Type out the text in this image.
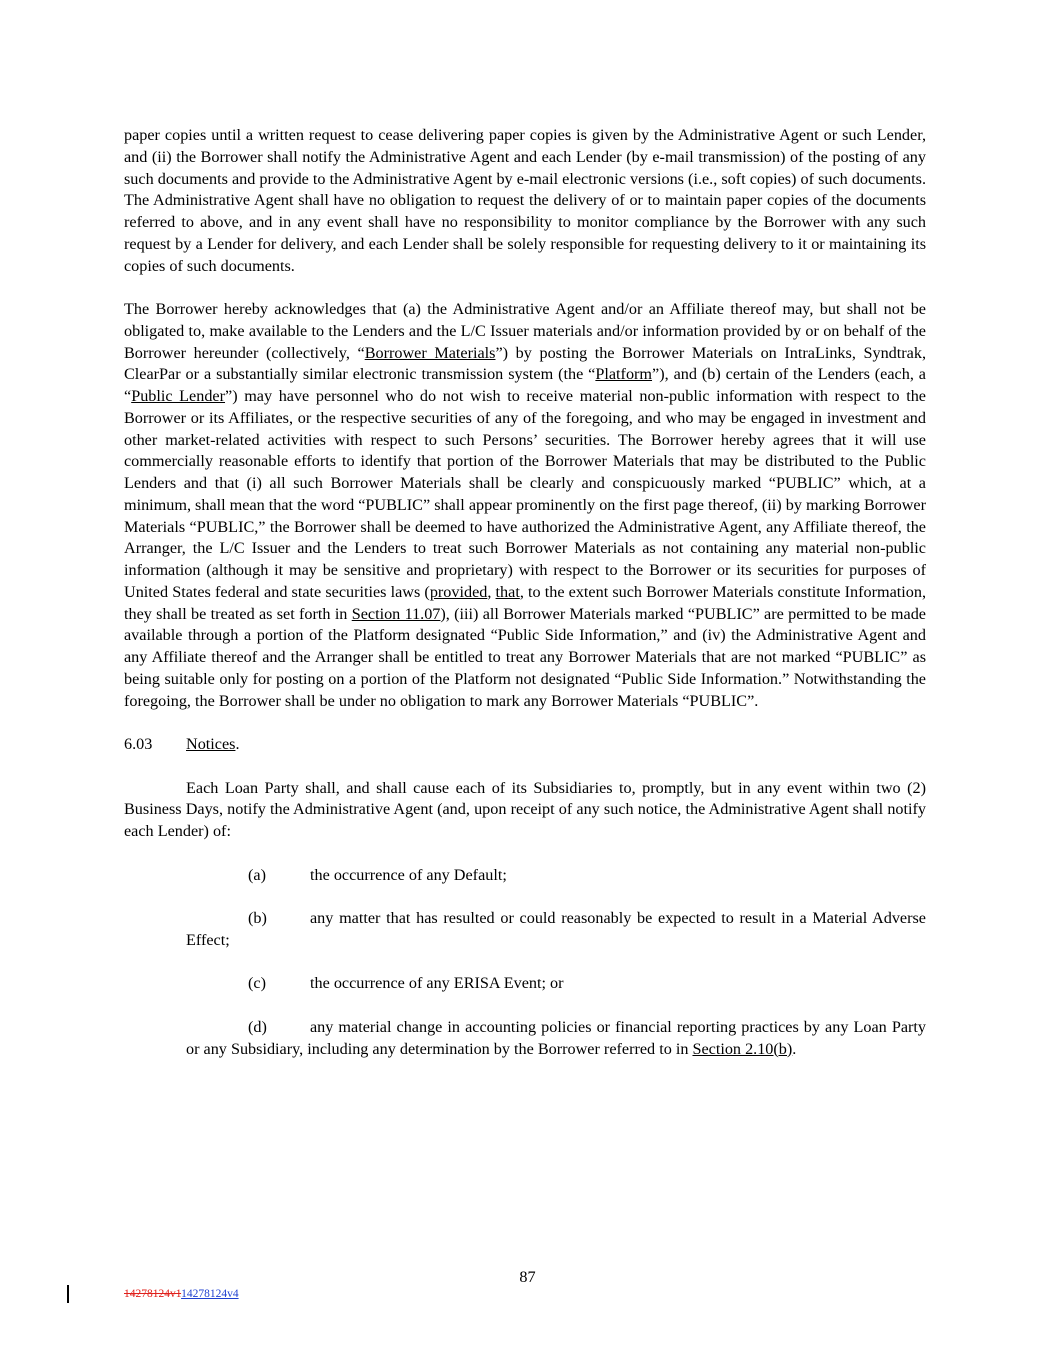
paper copies until a written request to cease delivering paper copies is given by the Administrative Agent or such Lender, and (ii) the Borrower shall notify the Administrative Agent and each Lender (by e-mail transmission) of the posting of any such documents and provide to the Administrative Agent by e-mail electronic versions (i.e., soft copies) of such documents. The Administrative Agent shall have no obligation to request the delivery of or to maintain paper copies of the documents referred to above, and in any event shall have no responsibility to monitor compliance by the Borrower with any such request by a Lender for delivery, and each Lender shall be solely responsible for requesting delivery to it or maintaining its copies of such documents.

The Borrower hereby acknowledges that (a) the Administrative Agent and/or an Affiliate thereof may, but shall not be obligated to, make available to the Lenders and the L/C Issuer materials and/or information provided by or on behalf of the Borrower hereunder (collectively, “Borrower Materials”) by posting the Borrower Materials on IntraLinks, Syndtrak, ClearPar or a substantially similar electronic transmission system (the “Platform”), and (b) certain of the Lenders (each, a “Public Lender”) may have personnel who do not wish to receive material non-public information with respect to the Borrower or its Affiliates, or the respective securities of any of the foregoing, and who may be engaged in investment and other market-related activities with respect to such Persons’ securities. The Borrower hereby agrees that it will use commercially reasonable efforts to identify that portion of the Borrower Materials that may be distributed to the Public Lenders and that (i) all such Borrower Materials shall be clearly and conspicuously marked “PUBLIC” which, at a minimum, shall mean that the word “PUBLIC” shall appear prominently on the first page thereof, (ii) by marking Borrower Materials “PUBLIC,” the Borrower shall be deemed to have authorized the Administrative Agent, any Affiliate thereof, the Arranger, the L/C Issuer and the Lenders to treat such Borrower Materials as not containing any material non-public information (although it may be sensitive and proprietary) with respect to the Borrower or its securities for purposes of United States federal and state securities laws (provided, that, to the extent such Borrower Materials constitute Information, they shall be treated as set forth in Section 11.07), (iii) all Borrower Materials marked “PUBLIC” are permitted to be made available through a portion of the Platform designated “Public Side Information,” and (iv) the Administrative Agent and any Affiliate thereof and the Arranger shall be entitled to treat any Borrower Materials that are not marked “PUBLIC” as being suitable only for posting on a portion of the Platform not designated “Public Side Information.” Notwithstanding the foregoing, the Borrower shall be under no obligation to mark any Borrower Materials “PUBLIC”.

6.03 Notices.

Each Loan Party shall, and shall cause each of its Subsidiaries to, promptly, but in any event within two (2) Business Days, notify the Administrative Agent (and, upon receipt of any such notice, the Administrative Agent shall notify each Lender) of:

(a)	the occurrence of any Default;

(b)	any matter that has resulted or could reasonably be expected to result in a Material Adverse Effect;

(c)	the occurrence of any ERISA Event; or

(d)	any material change in accounting policies or financial reporting practices by any Loan Party or any Subsidiary, including any determination by the Borrower referred to in Section 2.10(b).

87
14278124v114278124v4
